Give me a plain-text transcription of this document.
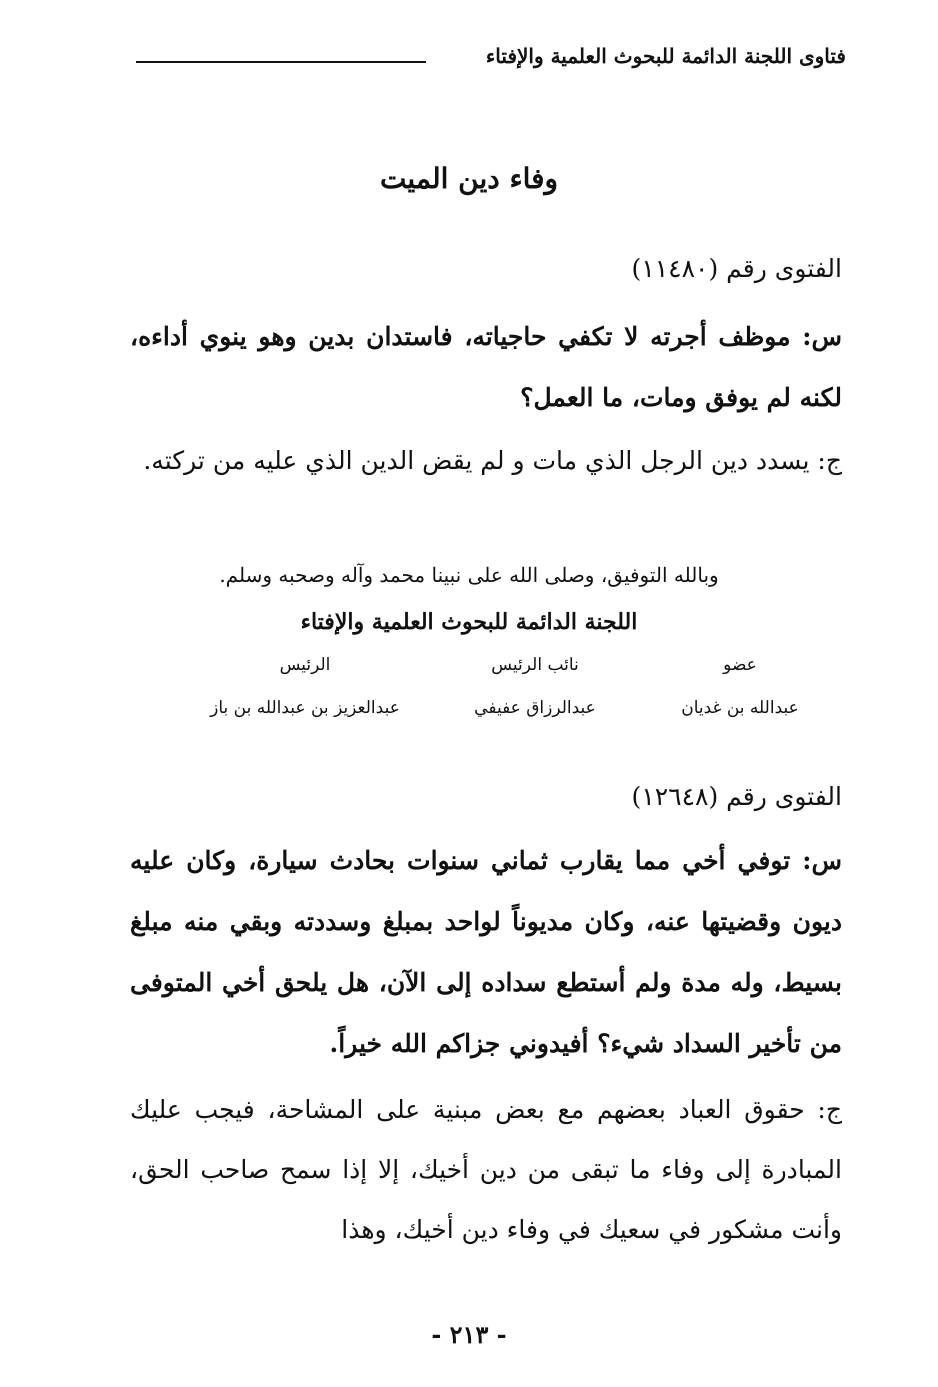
فتاوى اللجنة الدائمة للبحوث العلمية والإفتاء
وفاء دين الميت
الفتوى رقم (١١٤٨٠)
س: موظف أجرته لا تكفي حاجياته، فاستدان بدين وهو ينوي أداءه، لكنه لم يوفق ومات، ما العمل؟
ج: يسدد دين الرجل الذي مات و لم يقض الدين الذي عليه من تركته.
وبالله التوفيق، وصلى الله على نبينا محمد وآله وصحبه وسلم.
اللجنة الدائمة للبحوث العلمية والإفتاء
عضو
نائب الرئيس
الرئيس
عبدالله بن غديان
عبدالرزاق عفيفي
عبدالعزيز بن عبدالله بن باز
الفتوى رقم (١٢٦٤٨)
س: توفي أخي مما يقارب ثماني سنوات بحادث سيارة، وكان عليه ديون وقضيتها عنه، وكان مديوناً لواحد بمبلغ وسددته وبقي منه مبلغ بسيط، وله مدة ولم أستطع سداده إلى الآن، هل يلحق أخي المتوفى من تأخير السداد شيء؟ أفيدوني جزاكم الله خيراً.
ج: حقوق العباد بعضهم مع بعض مبنية على المشاحة، فيجب عليك المبادرة إلى وفاء ما تبقى من دين أخيك، إلا إذا سمح صاحب الحق، وأنت مشكور في سعيك في وفاء دين أخيك، وهذا
- ٢١٣ -
